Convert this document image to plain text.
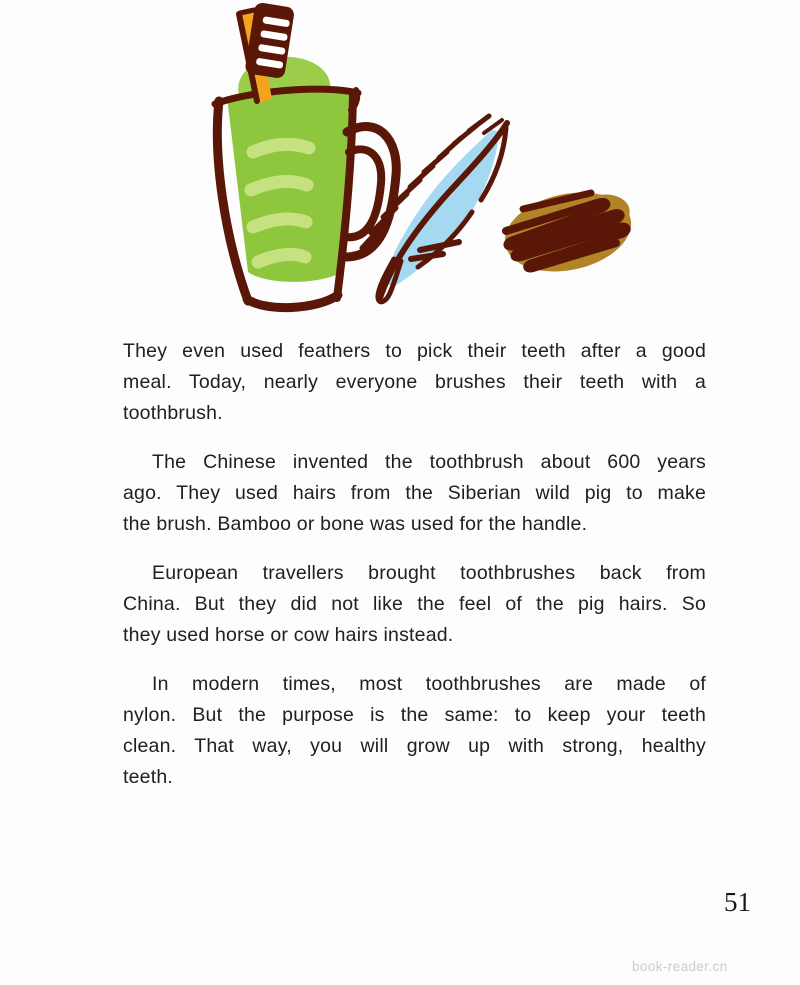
They even used feathers to pick their teeth after a good
meal. Today, nearly everyone brushes their teeth with a
toothbrush.
The Chinese invented the toothbrush about 600 years
ago. They used hairs from the Siberian wild pig to make
the brush. Bamboo or bone was used for the handle.
European travellers brought toothbrushes back from
China. But they did not like the feel of the pig hairs. So
they used horse or cow hairs instead.
In modern times, most toothbrushes are made of
nylon. But the purpose is the same: to keep your teeth
clean. That way, you will grow up with strong, healthy
teeth.
51
book-reader.cn
